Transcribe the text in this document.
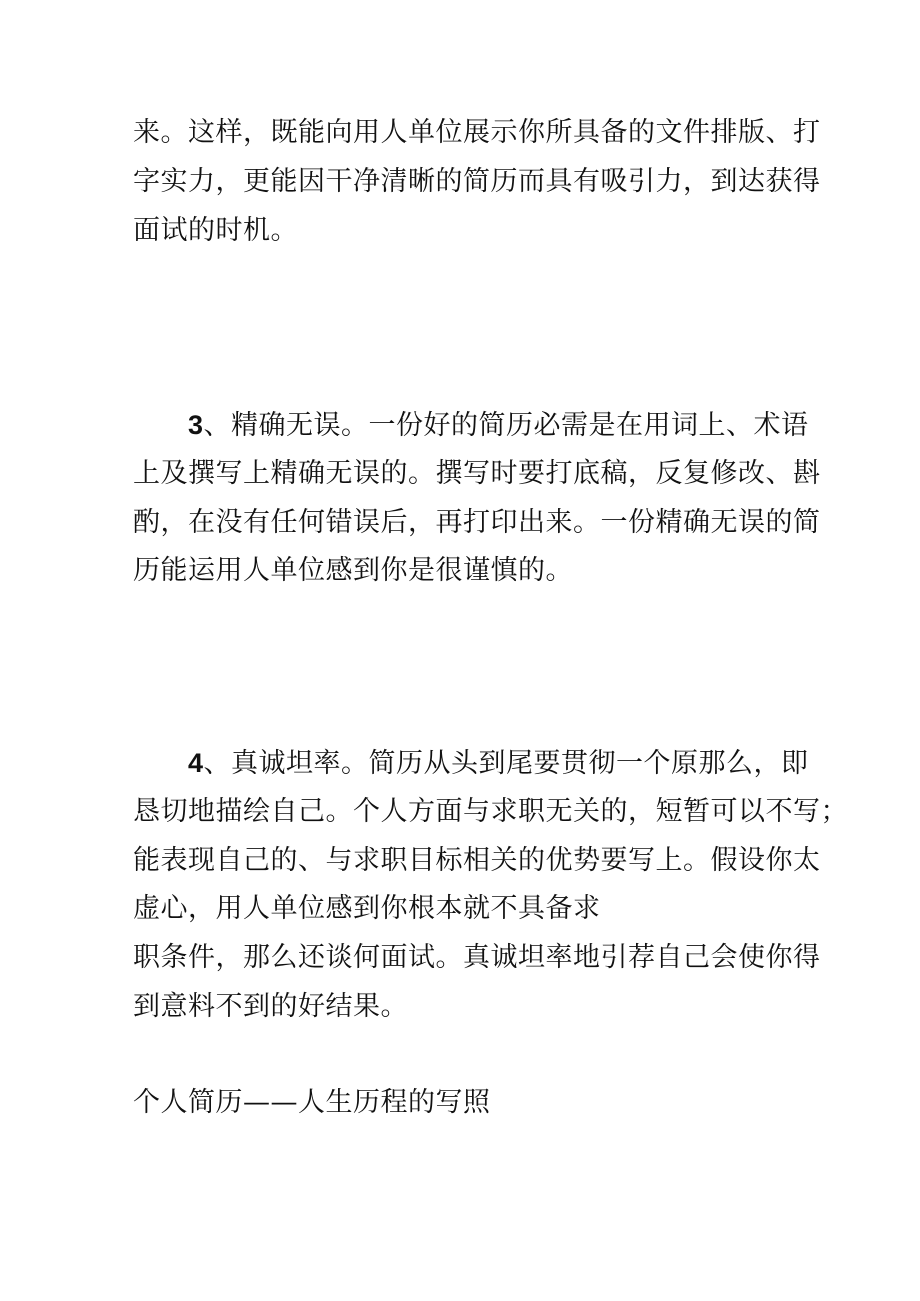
来。这样，既能向用人单位展示你所具备的文件排版、打
字实力，更能因干净清晰的简历而具有吸引力，到达获得
面试的时机。
3、精确无误。一份好的简历必需是在用词上、术语
上及撰写上精确无误的。撰写时要打底稿，反复修改、斟
酌，在没有任何错误后，再打印出来。一份精确无误的简
历能运用人单位感到你是很谨慎的。
4、真诚坦率。简历从头到尾要贯彻一个原那么，即
恳切地描绘自己。个人方面与求职无关的，短暂可以不写；
能表现自己的、与求职目标相关的优势要写上。假设你太
虚心，用人单位感到你根本就不具备求
职条件，那么还谈何面试。真诚坦率地引荐自己会使你得
到意料不到的好结果。
个人简历——人生历程的写照
